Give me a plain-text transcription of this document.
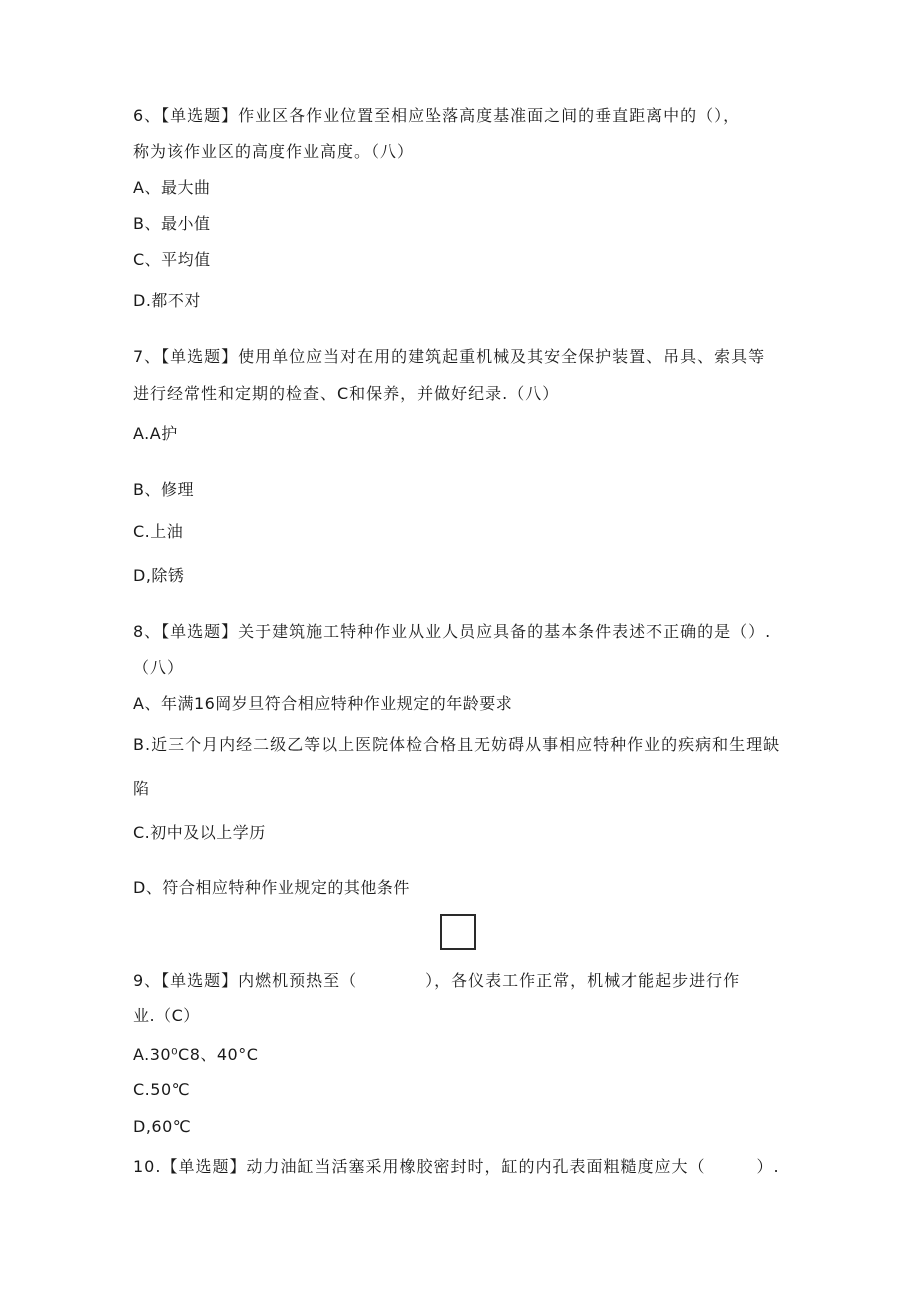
6、【单选题】作业区各作业位置至相应坠落高度基准面之间的垂直距离中的（），
称为该作业区的高度作业高度。（八）
A、最大曲
B、最小值
C、平均值
D.都不对
7、【单选题】使用单位应当对在用的建筑起重机械及其安全保护装置、吊具、索具等
进行经常性和定期的检查、C和保养，并做好纪录.（八）
A.A护
B、修理
C.上油
D,除锈
8、【单选题】关于建筑施工特种作业从业人员应具备的基本条件表述不正确的是（）.
（八）
A、年满16岡岁旦符合相应特种作业规定的年龄要求
B.近三个月内经二级乙等以上医院体检合格且无妨碍从事相应特种作业的疾病和生理缺
陷
C.初中及以上学历
D、符合相应特种作业规定的其他条件
9、【单选题】内燃机预热至（　　　　），各仪表工作正常，机械才能起步进行作
业.（C）
A.30⁰C8、40°C
C.50℃
D,60℃
10.【单选题】动力油缸当活塞采用橡胶密封时，缸的内孔表面粗糙度应大（　　　）.
